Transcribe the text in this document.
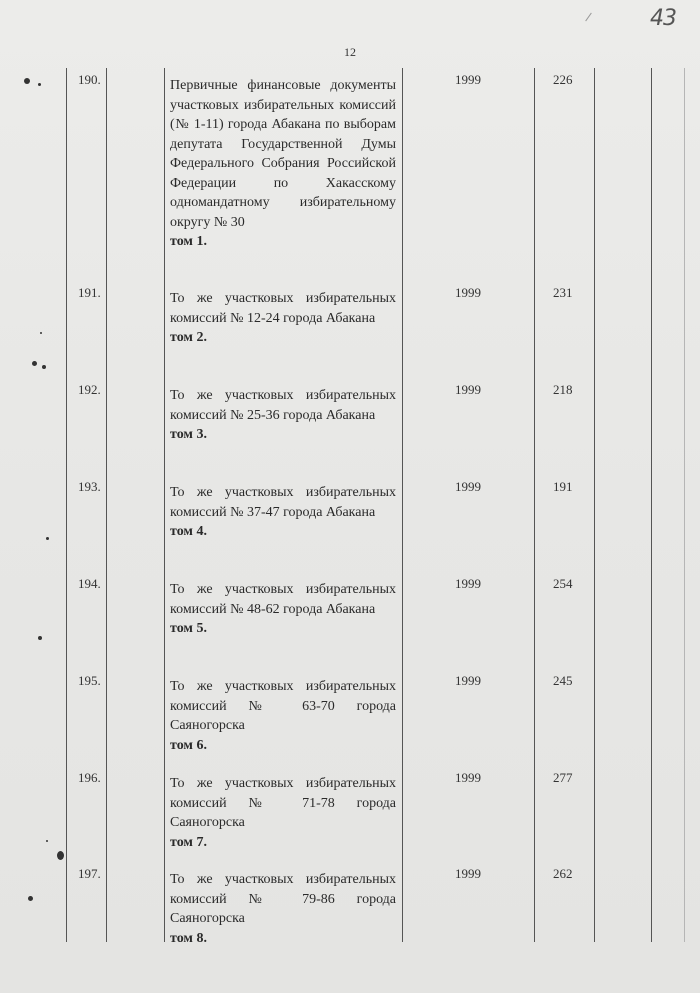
43
12
190.	Первичные финансовые документы участковых избирательных комиссий (№ 1-11) города Абакана по выборам депутата Государственной Думы Федерального Собрания Российской Федерации по Хакасскому одномандатному избирательному округу № 30
том 1.
1999	226
191.	То же участковых избирательных комиссий № 12-24 города Абакана
том 2.
1999	231
192.	То же участковых избирательных комиссий № 25-36 города Абакана
том 3.
1999	218
193.	То же участковых избирательных комиссий № 37-47 города Абакана
том 4.
1999	191
194.	То же участковых избирательных комиссий № 48-62 города Абакана
том 5.
1999	254
195.	То же участковых избирательных комиссий № 63-70 города Саяногорска
том 6.
1999	245
196.	То же участковых избирательных комиссий № 71-78 города Саяногорска
том 7.
1999	277
197.	То же участковых избирательных комиссий № 79-86 города Саяногорска
том 8.
1999	262
